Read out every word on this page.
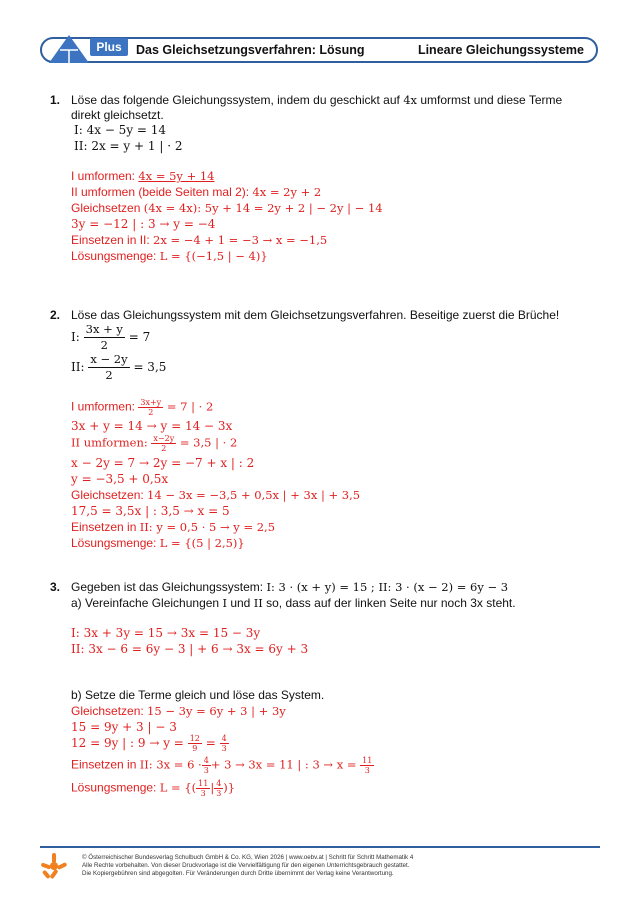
Das Gleichsetzungsverfahren: Lösung	Lineare Gleichungssysteme
Plus
1. Löse das folgende Gleichungssystem, indem du geschickt auf 4x umformst und diese Terme
direkt gleichsetzt.
I: 4x − 5y = 14
II: 2x = y + 1 | · 2
I umformen: 4x = 5y + 14
II umformen (beide Seiten mal 2): 4x = 2y + 2
Gleichsetzen (4x = 4x): 5y + 14 = 2y + 2 | − 2y | − 14
3y = −12 | : 3 → y = −4
Einsetzen in II: 2x = −4 + 1 = −3 → x = −1,5
Lösungsmenge: L = {(−1,5 | − 4)}
2. Löse das Gleichungssystem mit dem Gleichsetzungsverfahren. Beseitige zuerst die Brüche!
I: $\frac{3x + y}{2} = 7$
II: $\frac{x - 2y}{2} = 3,5$
I umformen: $\frac{3x+y}{2} = 7$ | · 2
3x + y = 14 → y = 14 − 3x
II umformen: $\frac{x-2y}{2} = 3,5$ | · 2
x − 2y = 7 → 2y = −7 + x | : 2
y = −3,5 + 0,5x
Gleichsetzen: 14 − 3x = −3,5 + 0,5x | + 3x | + 3,5
17,5 = 3,5x | : 3,5 → x = 5
Einsetzen in II: y = 0,5 · 5 → y = 2,5
Lösungsmenge: L = {(5 | 2,5)}
3. Gegeben ist das Gleichungssystem: I: 3 · (x + y) = 15 ; II: 3 · (x − 2) = 6y − 3
a) Vereinfache Gleichungen I und II so, dass auf der linken Seite nur noch 3x steht.
I: 3x + 3y = 15 → 3x = 15 − 3y
II: 3x − 6 = 6y − 3 | + 6 → 3x = 6y + 3
b) Setze die Terme gleich und löse das System.
Gleichsetzen: 15 − 3y = 6y + 3 | + 3y
15 = 9y + 3 | − 3
12 = 9y | : $9 \to y = \frac{12}{9} = \frac{4}{3}$
Einsetzen in II: $3x = 6 \cdot \frac{4}{3} + 3 \to 3x = 11$ | : $3 \to x = \frac{11}{3}$
Lösungsmenge: L = {( $\frac{11}{3}$ | $\frac{4}{3}$ )}
© Österreichischer Bundesverlag Schulbuch GmbH & Co. KG, Wien 2026 | www.oebv.at | Schritt für Schritt Mathematik 4
Alle Rechte vorbehalten. Von dieser Druckvorlage ist die Vervielfältigung für den eigenen Unterrichtsgebrauch gestattet.
Die Kopiergebühren sind abgegolten. Für Veränderungen durch Dritte übernimmt der Verlag keine Verantwortung.
